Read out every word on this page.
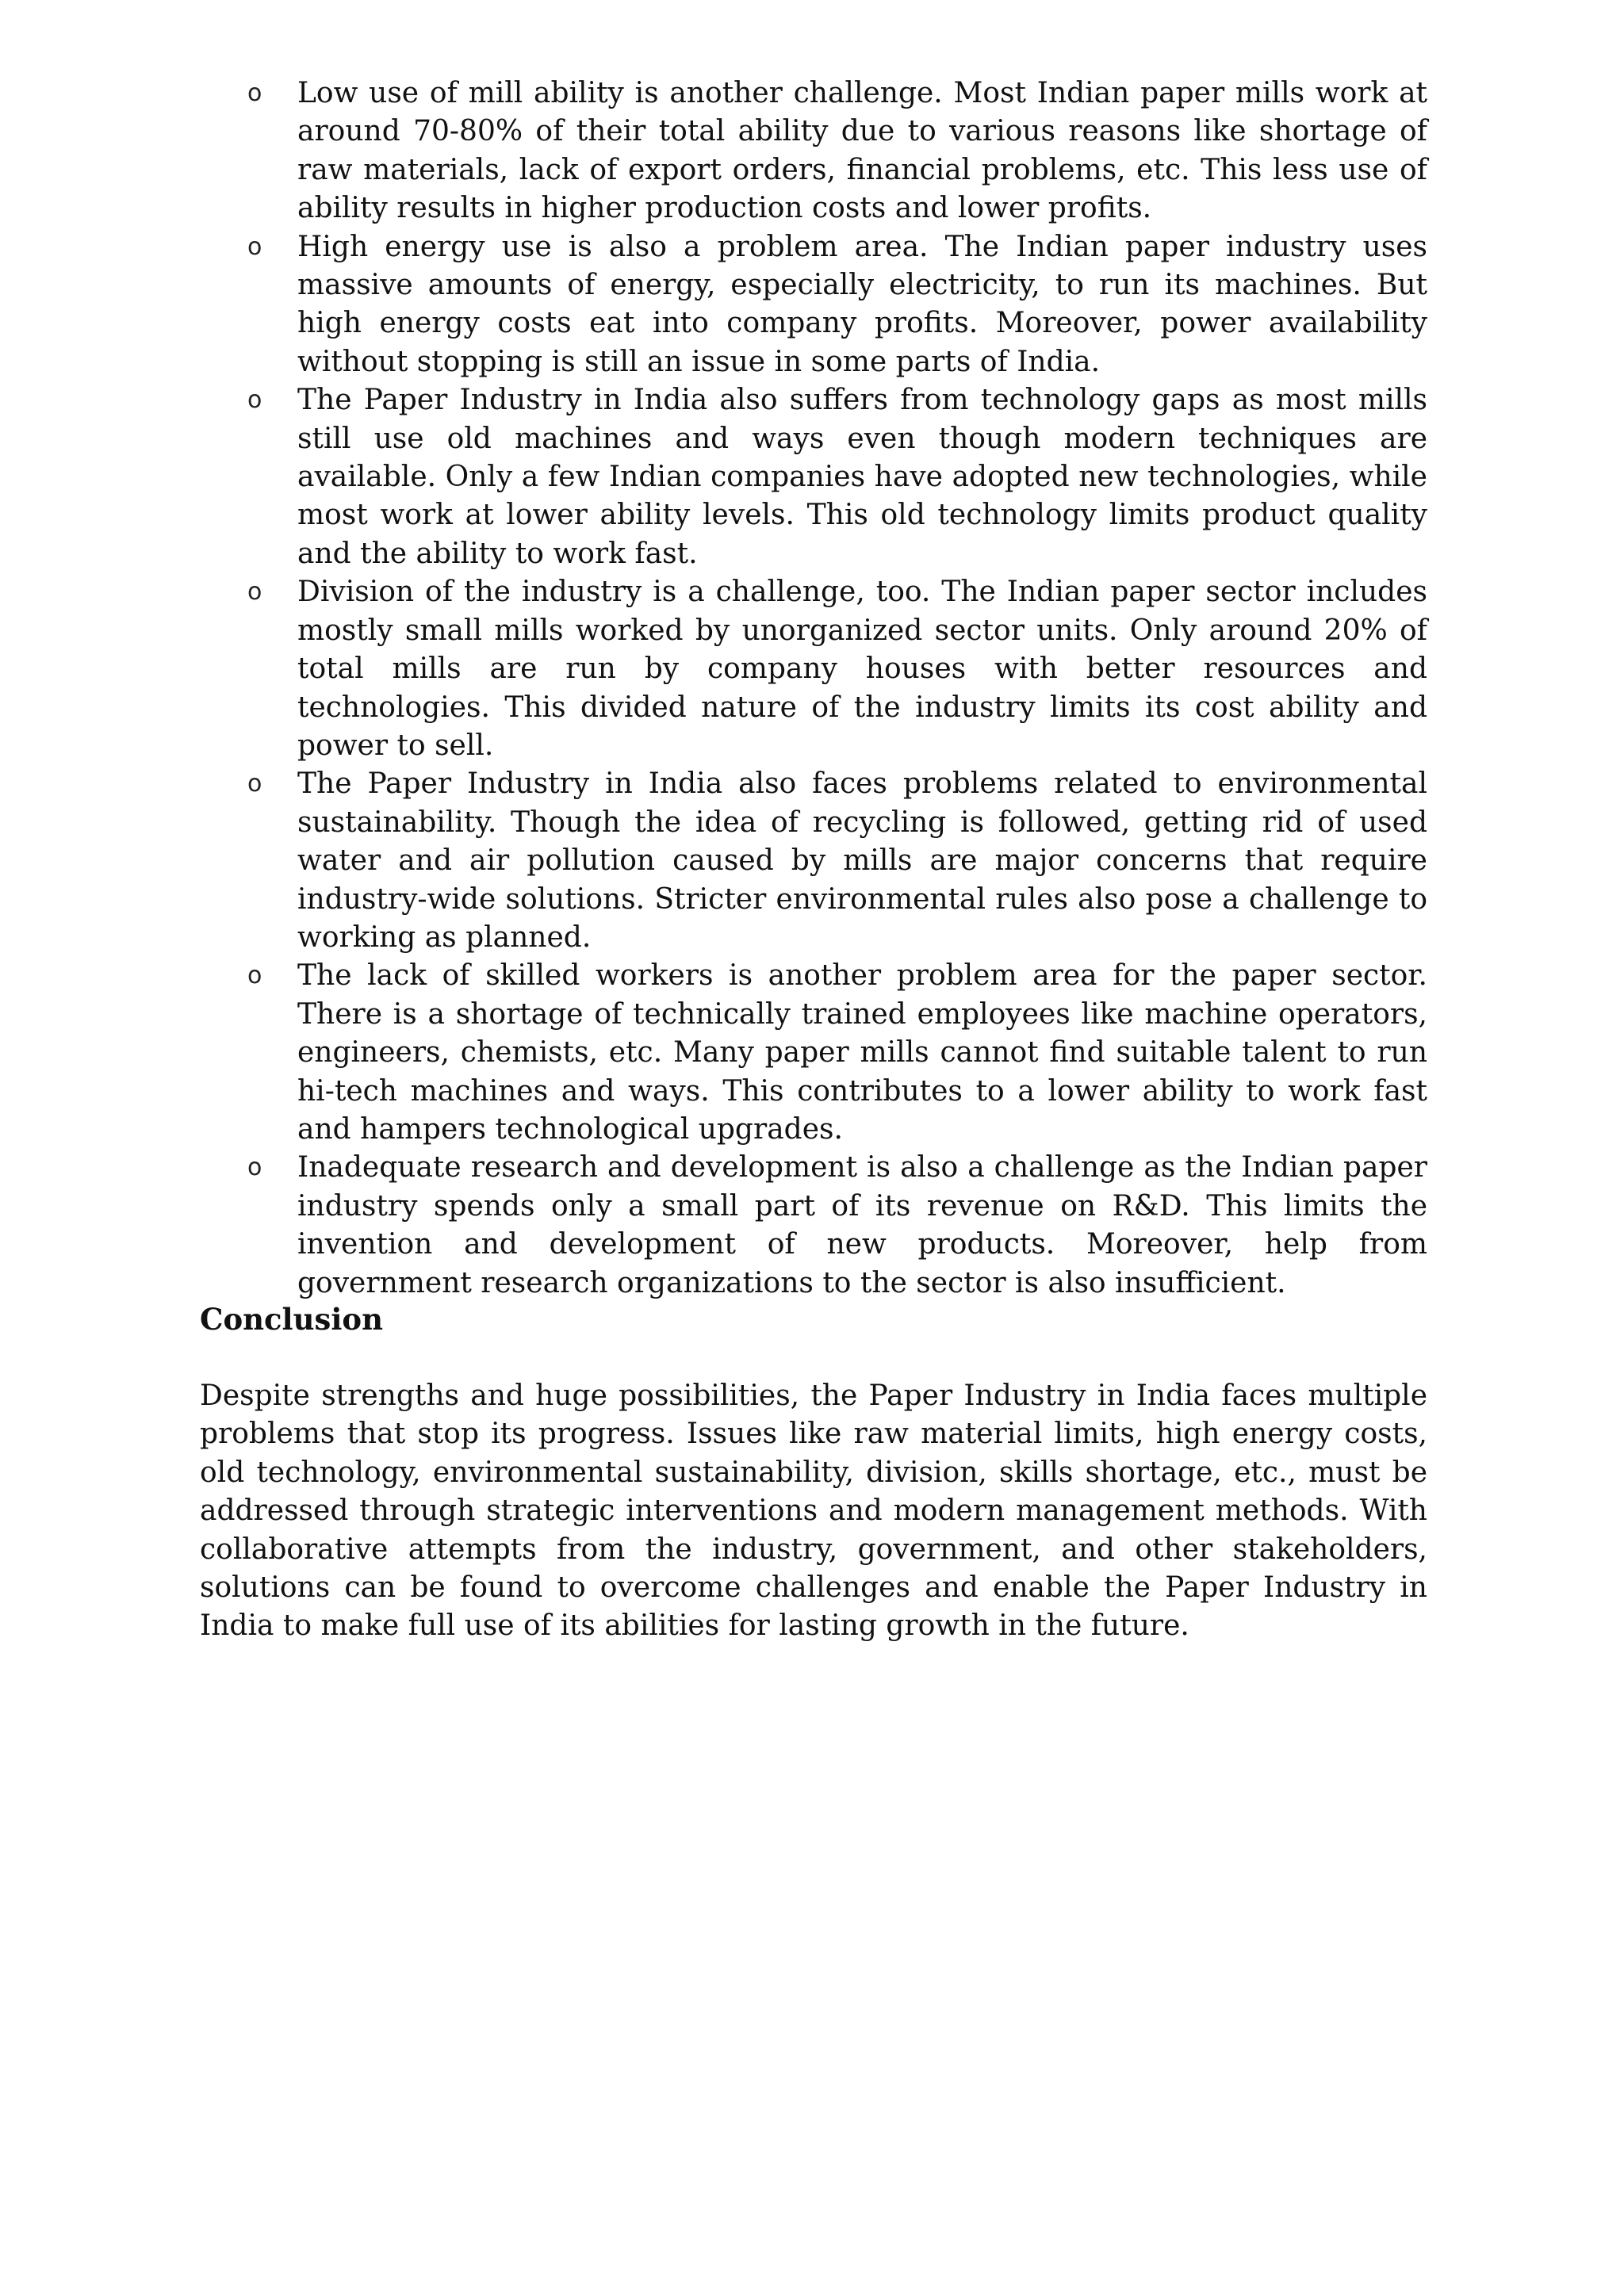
o Low use of mill ability is another challenge. Most Indian paper mills work at around 70-80% of their total ability due to various reasons like shortage of raw materials, lack of export orders, financial problems, etc. This less use of ability results in higher production costs and lower profits.
o High energy use is also a problem area. The Indian paper industry uses massive amounts of energy, especially electricity, to run its machines. But high energy costs eat into company profits. Moreover, power availability without stopping is still an issue in some parts of India.
o The Paper Industry in India also suffers from technology gaps as most mills still use old machines and ways even though modern techniques are available. Only a few Indian companies have adopted new technologies, while most work at lower ability levels. This old technology limits product quality and the ability to work fast.
o Division of the industry is a challenge, too. The Indian paper sector includes mostly small mills worked by unorganized sector units. Only around 20% of total mills are run by company houses with better resources and technologies. This divided nature of the industry limits its cost ability and power to sell.
o The Paper Industry in India also faces problems related to environmental sustainability. Though the idea of recycling is followed, getting rid of used water and air pollution caused by mills are major concerns that require industry-wide solutions. Stricter environmental rules also pose a challenge to working as planned.
o The lack of skilled workers is another problem area for the paper sector. There is a shortage of technically trained employees like machine operators, engineers, chemists, etc. Many paper mills cannot find suitable talent to run hi-tech machines and ways. This contributes to a lower ability to work fast and hampers technological upgrades.
o Inadequate research and development is also a challenge as the Indian paper industry spends only a small part of its revenue on R&D. This limits the invention and development of new products. Moreover, help from government research organizations to the sector is also insufficient.
Conclusion

Despite strengths and huge possibilities, the Paper Industry in India faces multiple problems that stop its progress. Issues like raw material limits, high energy costs, old technology, environmental sustainability, division, skills shortage, etc., must be addressed through strategic interventions and modern management methods. With collaborative attempts from the industry, government, and other stakeholders, solutions can be found to overcome challenges and enable the Paper Industry in India to make full use of its abilities for lasting growth in the future.
